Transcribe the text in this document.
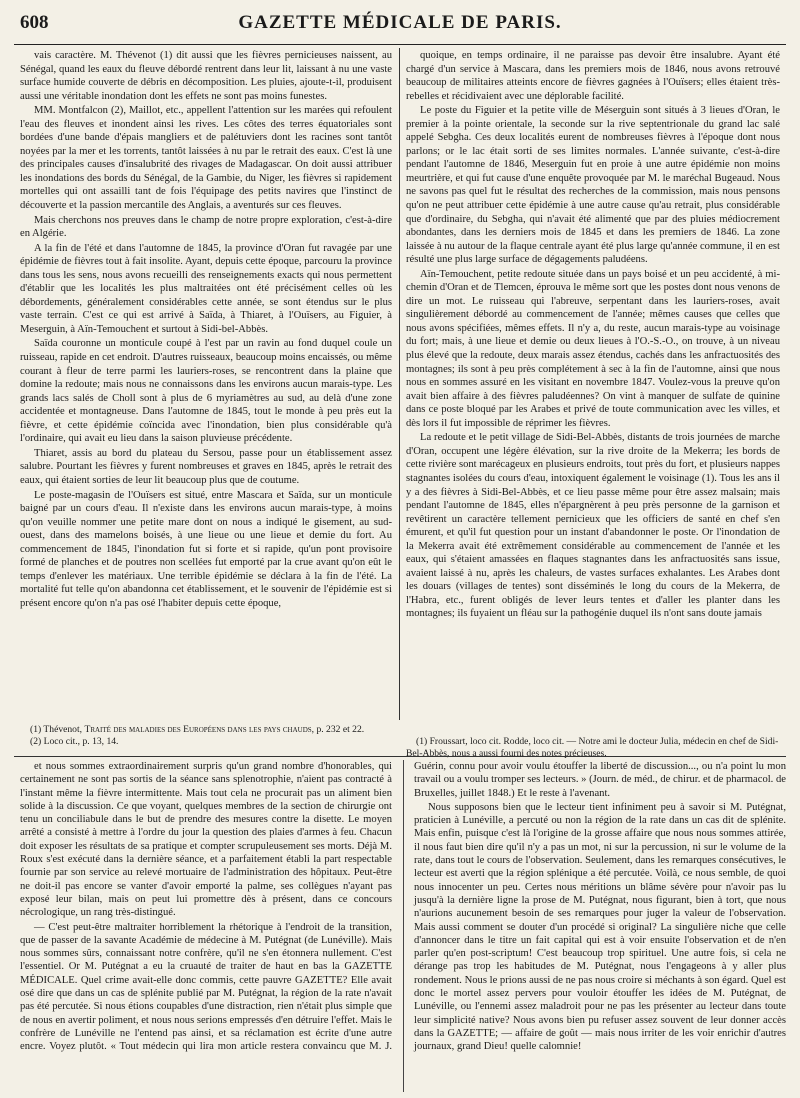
608	GAZETTE MÉDICALE DE PARIS.

vais caractère. M. Thévenot (1) dit aussi que les fièvres pernicieuses naissent, au Sénégal, quand les eaux du fleuve débordé rentrent dans leur lit, laissant à nu une vaste surface humide couverte de débris en décomposition. Les pluies, ajoute-t-il, produisent aussi une véritable inondation dont les effets ne sont pas moins funestes.

MM. Montfalcon (2), Maillot, etc., appellent l'attention sur les marées qui refoulent l'eau des fleuves et inondent ainsi les rives. Les côtes des terres équatoriales sont bordées d'une bande d'épais mangliers et de palétuviers dont les racines sont tantôt noyées par la mer et les torrents, tantôt laissées à nu par le retrait des eaux. C'est là une des principales causes d'insalubrité des rivages de Madagascar. On doit aussi attribuer les inondations des bords du Sénégal, de la Gambie, du Niger, les fièvres si rapidement mortelles qui ont assailli tant de fois l'équipage des petits navires que l'instinct de découverte et la passion mercantile des Anglais, a aventurés sur ces fleuves.

Mais cherchons nos preuves dans le champ de notre propre exploration, c'est-à-dire en Algérie.

A la fin de l'été et dans l'automne de 1845, la province d'Oran fut ravagée par une épidémie de fièvres tout à fait insolite. Ayant, depuis cette époque, parcouru la province dans tous les sens, nous avons recueilli des renseignements exacts qui nous permettent d'établir que les localités les plus maltraitées ont été précisément celles où les débordements, généralement considérables cette année, se sont étendus sur le plus vaste terrain. C'est ce qui est arrivé à Saïda, à Thiaret, à l'Ouïsers, au Figuier, à Meserguin, à Aïn-Temouchent et surtout à Sidi-bel-Abbès.

Saïda couronne un monticule coupé à l'est par un ravin au fond duquel coule un ruisseau, rapide en cet endroit. D'autres ruisseaux, beaucoup moins encaissés, ou même courant à fleur de terre parmi les lauriers-roses, se rencontrent dans la plaine que domine la redoute; mais nous ne connaissons dans les environs aucun marais-type. Les grands lacs salés de Choll sont à plus de 6 myriamètres au sud, au delà d'une zone accidentée et montagneuse. Dans l'automne de 1845, tout le monde à peu près eut la fièvre, et cette épidémie coïncida avec l'inondation, bien plus considérable qu'à l'ordinaire, qui avait eu lieu dans la saison pluvieuse précédente.

Thiaret, assis au bord du plateau du Sersou, passe pour un établissement assez salubre. Pourtant les fièvres y furent nombreuses et graves en 1845, après le retrait des eaux, qui étaient sorties de leur lit beaucoup plus que de coutume.

Le poste-magasin de l'Ouïsers est situé, entre Mascara et Saïda, sur un monticule baigné par un cours d'eau. Il n'existe dans les environs aucun marais-type, à moins qu'on veuille nommer une petite mare dont on nous a indiqué le gisement, au sud-ouest, dans des mamelons boisés, à une lieue ou une lieue et demie du fort. Au commencement de 1845, l'inondation fut si forte et si rapide, qu'un pont provisoire formé de planches et de poutres non scellées fut emporté par la crue avant qu'on eût le temps d'enlever les matériaux. Une terrible épidémie se déclara à la fin de l'été. La mortalité fut telle qu'on abandonna cet établissement, et le souvenir de l'épidémie est si présent encore qu'on n'a pas osé l'habiter depuis cette époque,

quoique, en temps ordinaire, il ne paraisse pas devoir être insalubre. Ayant été chargé d'un service à Mascara, dans les premiers mois de 1846, nous avons retrouvé beaucoup de militaires atteints encore de fièvres gagnées à l'Ouïsers; elles étaient très-rebelles et récidivaient avec une déplorable facilité.

Le poste du Figuier et la petite ville de Méserguin sont situés à 3 lieues d'Oran, le premier à la pointe orientale, la seconde sur la rive septentrionale du grand lac salé appelé Sebgha. Ces deux localités eurent de nombreuses fièvres à l'époque dont nous parlons; or le lac était sorti de ses limites normales. L'année suivante, c'est-à-dire pendant l'automne de 1846, Meserguin fut en proie à une autre épidémie non moins meurtrière, et qui fut cause d'une enquête provoquée par M. le maréchal Bugeaud. Nous ne savons pas quel fut le résultat des recherches de la commission, mais nous pensons qu'on ne peut attribuer cette épidémie à une autre cause qu'au retrait, plus considérable que d'ordinaire, du Sebgha, qui n'avait été alimenté que par des pluies médiocrement abondantes, dans les derniers mois de 1845 et dans les premiers de 1846. La zone laissée à nu autour de la flaque centrale ayant été plus large qu'année commune, il en est résulté une plus large surface de dégagements paludéens.

Aïn-Temouchent, petite redoute située dans un pays boisé et un peu accidenté, à mi-chemin d'Oran et de Tlemcen, éprouva le même sort que les postes dont nous venons de dire un mot. Le ruisseau qui l'abreuve, serpentant dans les lauriers-roses, avait singulièrement débordé au commencement de l'année; mêmes causes que celles que nous avons spécifiées, mêmes effets. Il n'y a, du reste, aucun marais-type au voisinage du fort; mais, à une lieue et demie ou deux lieues à l'O.-S.-O., on trouve, à un niveau plus élevé que la redoute, deux marais assez étendus, cachés dans les anfractuosités des montagnes; ils sont à peu près complétement à sec à la fin de l'automne, ainsi que nous nous en sommes assuré en les visitant en novembre 1847. Voulez-vous la preuve qu'on avait bien affaire à des fièvres paludéennes? On vint à manquer de sulfate de quinine dans ce poste bloqué par les Arabes et privé de toute communication avec les villes, et dès lors il fut impossible de réprimer les fièvres.

La redoute et le petit village de Sidi-Bel-Abbès, distants de trois journées de marche d'Oran, occupent une légère élévation, sur la rive droite de la Mekerra; les bords de cette rivière sont marécageux en plusieurs endroits, tout près du fort, et plusieurs nappes stagnantes isolées du cours d'eau, intoxiquent également le voisinage (1). Tous les ans il y a des fièvres à Sidi-Bel-Abbès, et ce lieu passe même pour être assez malsain; mais pendant l'automne de 1845, elles n'épargnèrent à peu près personne de la garnison et revêtirent un caractère tellement pernicieux que les officiers de santé en chef s'en émurent, et qu'il fut question pour un instant d'abandonner le poste. Or l'inondation de la Mekerra avait été extrêmement considérable au commencement de l'année et les eaux, qui s'étaient amassées en flaques stagnantes dans les anfractuosités sans issue, avaient laissé à nu, après les chaleurs, de vastes surfaces exhalantes. Les Arabes dont les douars (villages de tentes) sont disséminés le long du cours de la Mekerra, de l'Habra, etc., furent obligés de lever leurs tentes et d'aller les planter dans les montagnes; ils fuyaient un fléau sur la pathogénie duquel ils n'ont sans doute jamais

(1) Thévenot, Traité des maladies des Européens dans les pays chauds, p. 232 et 22.
(2) Loco cit., p. 13, 14.	(1) Froussart, loco cit. Rodde, loco cit. — Notre ami le docteur Julia, médecin en chef de Sidi-Bel-Abbès, nous a aussi fourni des notes précieuses.

et nous sommes extraordinairement surpris qu'un grand nombre d'honorables, qui certainement ne sont pas sortis de la séance sans splenotrophie, n'aient pas contracté à l'instant même la fièvre intermittente. Mais tout cela ne procurait pas un aliment bien solide à la discussion. Ce que voyant, quelques membres de la section de chirurgie ont tenu un conciliabule dans le but de prendre des mesures contre la disette. Le moyen arrêté a consisté à mettre à l'ordre du jour la question des plaies d'armes à feu. Chacun doit exposer les résultats de sa pratique et compter scrupuleusement ses morts. Déjà M. Roux s'est exécuté dans la dernière séance, et a parfaitement établi la part respectable fournie par son service au relevé mortuaire de l'administration des hôpitaux. Peut-être ne doit-il pas encore se vanter d'avoir emporté la palme, ses collègues n'ayant pas exposé leur bilan, mais on peut lui promettre dès à présent, dans ce concours nécrologique, un rang très-distingué.

— C'est peut-être maltraiter horriblement la rhétorique à l'endroit de la transition, que de passer de la savante Académie de médecine à M. Putégnat (de Lunéville). Mais nous sommes sûrs, connaissant notre confrère, qu'il ne s'en étonnera nullement. C'est l'essentiel. Or M. Putégnat a eu la cruauté de traiter de haut en bas la GAZETTE MÉDICALE. Quel crime avait-elle donc commis, cette pauvre GAZETTE? Elle avait osé dire que dans un cas de splénite publié par M. Putégnat, la région de la rate n'avait pas été percutée. Si nous étions coupables d'une distraction, rien n'était plus simple que de nous en avertir poliment, et nous nous serions empressés d'en détruire l'effet. Mais le confrère de Lunéville ne l'entend pas ainsi, et sa réclamation est écrite d'une autre encre. Voyez plutôt. « Tout médecin qui lira mon article restera convaincu que M. J. Guérin, connu pour avoir voulu étouffer la liberté de discussion..., ou n'a point lu mon travail ou a voulu tromper ses lecteurs. » (Journ. de méd., de chirur. et de pharmacol. de Bruxelles, juillet 1848.) Et le reste à l'avenant.

Nous supposons bien que le lecteur tient infiniment peu à savoir si M. Putégnat, praticien à Lunéville, a percuté ou non la région de la rate dans un cas dit de splénite. Mais enfin, puisque c'est là l'origine de la grosse affaire que nous nous sommes attirée, il nous faut bien dire qu'il n'y a pas un mot, ni sur la percussion, ni sur le volume de la rate, dans tout le cours de l'observation. Seulement, dans les remarques consécutives, le lecteur est averti que la région splénique a été percutée. Voilà, ce nous semble, de quoi nous innocenter un peu. Certes nous méritions un blâme sévère pour n'avoir pas lu jusqu'à la dernière ligne la prose de M. Putégnat, nous figurant, bien à tort, que nous n'aurions aucunement besoin de ses remarques pour juger la valeur de l'observation. Mais aussi comment se douter d'un procédé si original? La singulière niche que celle d'annoncer dans le titre un fait capital qui est à voir ensuite l'observation et de n'en parler qu'en post-scriptum! C'est beaucoup trop spirituel. Une autre fois, si cela ne dérange pas trop les habitudes de M. Putégnat, nous l'engageons à y aller plus rondement. Nous le prions aussi de ne pas nous croire si méchants à son égard. Quel est donc le mortel assez pervers pour vouloir étouffer les idées de M. Putégnat, de Lunéville, ou l'ennemi assez maladroit pour ne pas les présenter au lecteur dans toute leur simplicité native? Nous avons bien pu refuser assez souvent de leur donner accès dans la GAZETTE; — affaire de goût — mais nous irriter de les voir enrichir d'autres journaux, grand Dieu! quelle calomnie!
